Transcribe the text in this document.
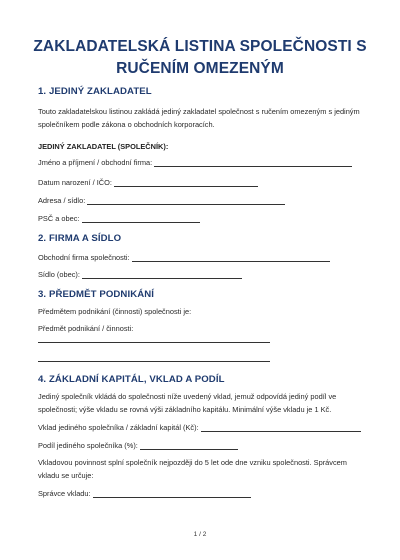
ZAKLADATELSKÁ LISTINA SPOLEČNOSTI S RUČENÍM OMEZENÝM
1. JEDINÝ ZAKLADATEL
Touto zakladatelskou listinou zakládá jediný zakladatel společnost s ručením omezeným s jediným společníkem podle zákona o obchodních korporacích.
JEDINÝ ZAKLADATEL (SPOLEČNÍK):
Jméno a příjmení / obchodní firma:
Datum narození / IČO:
Adresa / sídlo:
PSČ a obec:
2. FIRMA A SÍDLO
Obchodní firma společnosti:
Sídlo (obec):
3. PŘEDMĚT PODNIKÁNÍ
Předmětem podnikání (činnosti) společnosti je:
Předmět podnikání / činnosti:
4. ZÁKLADNÍ KAPITÁL, VKLAD A PODÍL
Jediný společník vkládá do společnosti níže uvedený vklad, jemuž odpovídá jediný podíl ve společnosti; výše vkladu se rovná výši základního kapitálu. Minimální výše vkladu je 1 Kč.
Vklad jediného společníka / základní kapitál (Kč):
Podíl jediného společníka (%):
Vkladovou povinnost splní společník nejpozději do 5 let ode dne vzniku společnosti. Správcem vkladu se určuje:
Správce vkladu:
1 / 2
